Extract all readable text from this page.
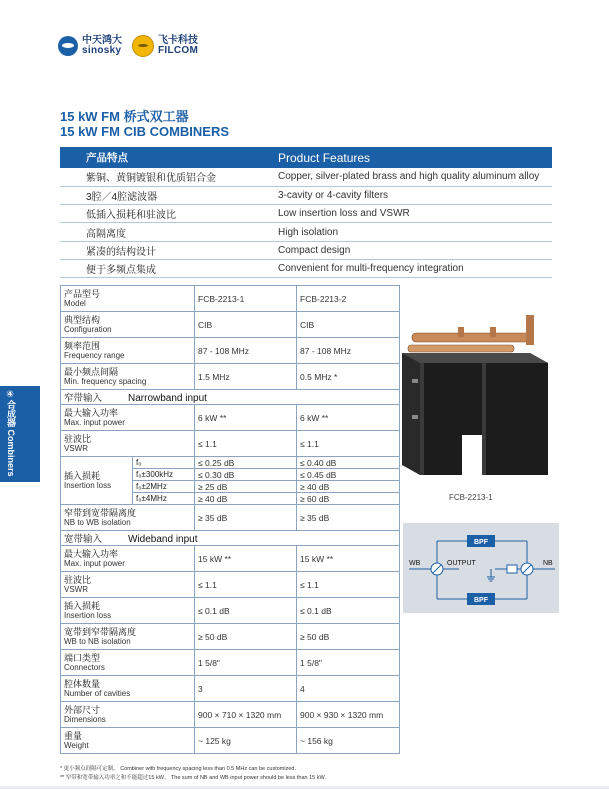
中天鸿大
sinosky
飞卡科技
FILCOM
15 kW FM 桥式双工器
15 kW FM CIB COMBINERS
产品特点	Product Features
紫铜、黄铜镀银和优质铝合金	Copper, silver-plated brass and high quality aluminum alloy
3腔／4腔滤波器	3-cavity or 4-cavity filters
低插入损耗和驻波比	Low insertion loss and VSWR
高隔离度	High isolation
紧凑的结构设计	Compact design
便于多频点集成	Convenient for multi-frequency integration
④合成器 Combiners
产品型号
Model		FCB-2213-1	FCB-2213-2

典型结构
Configuration		CIB	CIB

频率范围
Frequency range		87 - 108 MHz	87 - 108 MHz

最小频点间隔
Min. frequency spacing		1.5 MHz	0.5 MHz *
窄带输入 Narrowband input			

最大输入功率
Max. input power		6 kW **	6 kW **

驻波比
VSWR		≤ 1.1	≤ 1.1

插入损耗
Insertion loss	f₀	≤ 0.25 dB	≤ 0.40 dB
	f₀±300kHz	≤ 0.30 dB	≤ 0.45 dB
	f₀±2MHz	≥ 25 dB	≥ 40 dB
	f₀±4MHz	≥ 40 dB	≥ 60 dB

窄带到宽带隔离度
NB to WB isolation		≥ 35 dB	≥ 35 dB
宽带输入 Wideband input			

最大输入功率
Max. input power		15 kW **	15 kW **

驻波比
VSWR		≤ 1.1	≤ 1.1

插入损耗
Insertion loss		≤ 0.1 dB	≤ 0.1 dB

宽带到窄带隔离度
WB to NB isolation		≥ 50 dB	≥ 50 dB

端口类型
Connectors		1 5/8"	1 5/8"

腔体数量
Number of cavities		3	4

外部尺寸
Dimensions		900 × 710 × 1320 mm	900 × 930 × 1320 mm

重量
Weight		~ 125 kg	~ 156 kg
FCB-2213-1
BPF
BPF
WB	OUTPUT	NB
* 更小频点间隔可定制。 Combiner with frequency spacing less than 0.5 MHz can be customized.
** 窄带和宽带输入功率之和不能超过15 kW。 The sum of NB and WB input power should be less than 15 kW.
